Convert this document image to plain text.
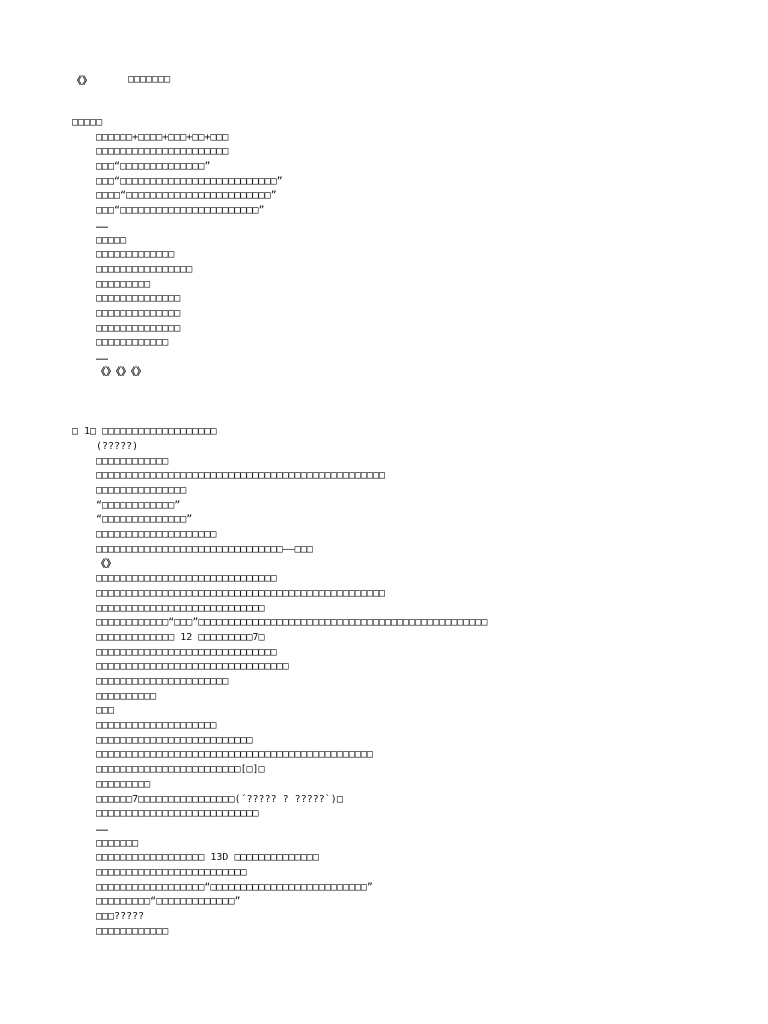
《》	□□□□□□□
□□□□□
□□□□□□+□□□□+□□□+□□+□□□
□□□□□□□□□□□□□□□□□□□□□□
□□□“□□□□□□□□□□□□□□”
□□□“□□□□□□□□□□□□□□□□□□□□□□□□□□”
□□□□“□□□□□□□□□□□□□□□□□□□□□□□□”
□□□“□□□□□□□□□□□□□□□□□□□□□□□”
……
□□□□□
□□□□□□□□□□□□□
□□□□□□□□□□□□□□□□
□□□□□□□□□
□□□□□□□□□□□□□□
□□□□□□□□□□□□□□
□□□□□□□□□□□□□□
□□□□□□□□□□□□
……
《》《》《》
□ 1□ □□□□□□□□□□□□□□□□□□□
(?????)
□□□□□□□□□□□□
□□□□□□□□□□□□□□□□□□□□□□□□□□□□□□□□□□□□□□□□□□□□□□□□
□□□□□□□□□□□□□□□
“□□□□□□□□□□□□”
“□□□□□□□□□□□□□□”
□□□□□□□□□□□□□□□□□□□□
□□□□□□□□□□□□□□□□□□□□□□□□□□□□□□□——□□□
《》
□□□□□□□□□□□□□□□□□□□□□□□□□□□□□□
□□□□□□□□□□□□□□□□□□□□□□□□□□□□□□□□□□□□□□□□□□□□□□□□
□□□□□□□□□□□□□□□□□□□□□□□□□□□□
□□□□□□□□□□□□“□□□”□□□□□□□□□□□□□□□□□□□□□□□□□□□□□□□□□□□□□□□□□□□□□□□□
□□□□□□□□□□□□□ 12 □□□□□□□□□7□
□□□□□□□□□□□□□□□□□□□□□□□□□□□□□□
□□□□□□□□□□□□□□□□□□□□□□□□□□□□□□□□
□□□□□□□□□□□□□□□□□□□□□□
□□□□□□□□□□
□□□
□□□□□□□□□□□□□□□□□□□□
□□□□□□□□□□□□□□□□□□□□□□□□□□
□□□□□□□□□□□□□□□□□□□□□□□□□□□□□□□□□□□□□□□□□□□□□□
□□□□□□□□□□□□□□□□□□□□□□□□[□]□
□□□□□□□□□
□□□□□□7□□□□□□□□□□□□□□□□(´????? ? ?????`)□
□□□□□□□□□□□□□□□□□□□□□□□□□□□
……
□□□□□□□
□□□□□□□□□□□□□□□□□□ 13D □□□□□□□□□□□□□□
□□□□□□□□□□□□□□□□□□□□□□□□□
□□□□□□□□□□□□□□□□□□“□□□□□□□□□□□□□□□□□□□□□□□□□□”
□□□□□□□□□“□□□□□□□□□□□□□”
□□□?????
□□□□□□□□□□□□
